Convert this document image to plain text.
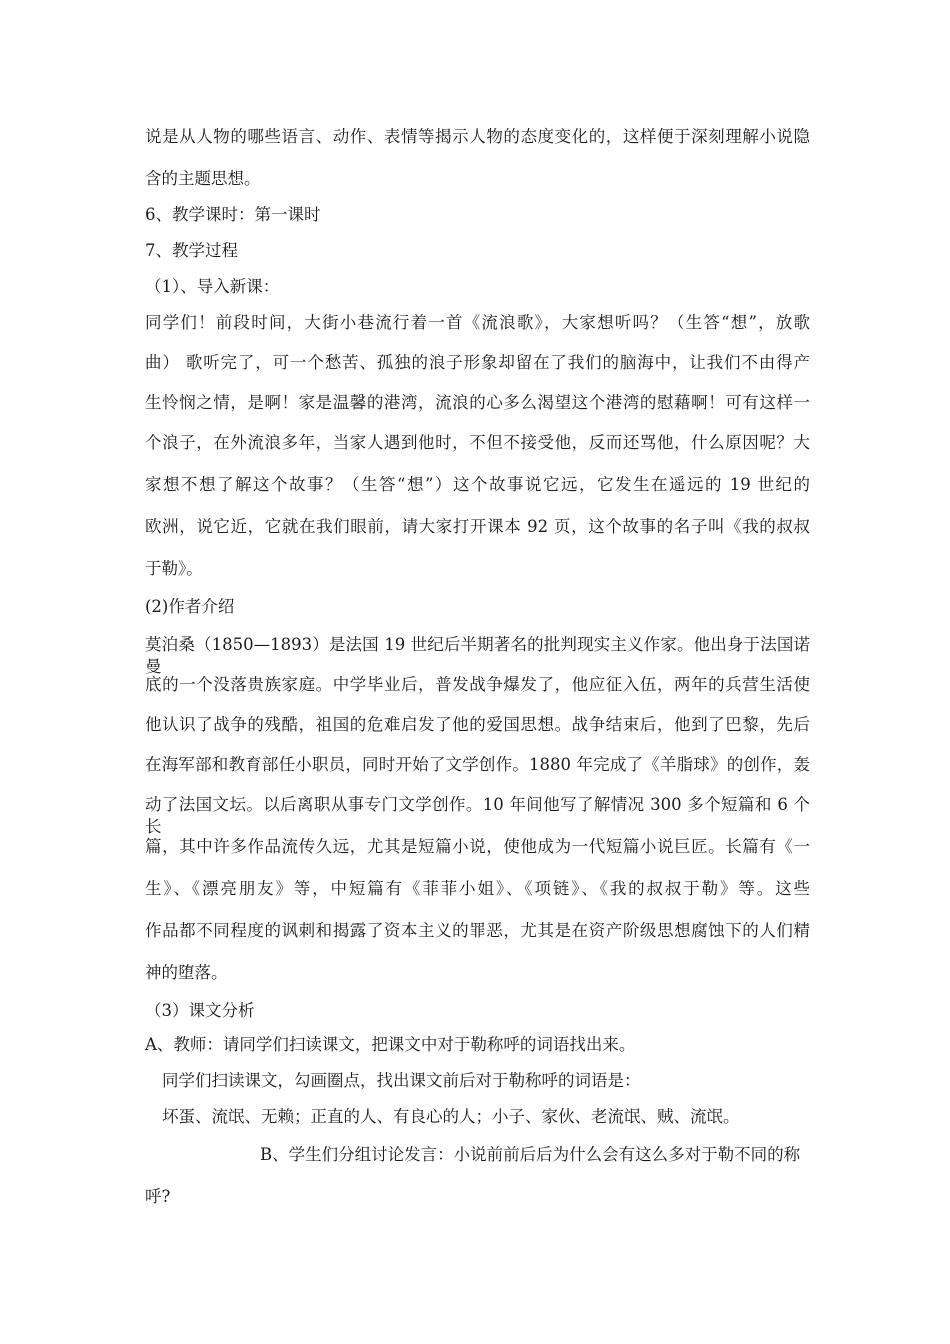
说是从人物的哪些语言、动作、表情等揭示人物的态度变化的，这样便于深刻理解小说隐
含的主题思想。
6、教学课时：第一课时
7、教学过程
（1）、导入新课：
同学们！前段时间，大街小巷流行着一首《流浪歌》，大家想听吗？（生答“想”，放歌
曲） 歌听完了，可一个愁苦、孤独的浪子形象却留在了我们的脑海中，让我们不由得产
生怜悯之情，是啊！家是温馨的港湾，流浪的心多么渴望这个港湾的慰藉啊！可有这样一
个浪子，在外流浪多年，当家人遇到他时，不但不接受他，反而还骂他，什么原因呢？大
家想不想了解这个故事？（生答“想”）这个故事说它远，它发生在遥远的 19 世纪的
欧洲，说它近，它就在我们眼前，请大家打开课本 92 页，这个故事的名子叫《我的叔叔
于勒》。
(2)作者介绍
莫泊桑（1850—1893）是法国 19 世纪后半期著名的批判现实主义作家。他出身于法国诺曼
底的一个没落贵族家庭。中学毕业后，普发战争爆发了，他应征入伍，两年的兵营生活使
他认识了战争的残酷，祖国的危难启发了他的爱国思想。战争结束后，他到了巴黎，先后
在海军部和教育部任小职员，同时开始了文学创作。1880 年完成了《羊脂球》的创作，轰
动了法国文坛。以后离职从事专门文学创作。10 年间他写了解情况 300 多个短篇和 6 个长
篇，其中许多作品流传久远，尤其是短篇小说，使他成为一代短篇小说巨匠。长篇有《一
生》、《漂亮朋友》等，中短篇有《菲菲小姐》、《项链》、《我的叔叔于勒》等。这些
作品都不同程度的讽刺和揭露了资本主义的罪恶，尤其是在资产阶级思想腐蚀下的人们精
神的堕落。
（3）课文分析
A、教师：请同学们扫读课文，把课文中对于勒称呼的词语找出来。
同学们扫读课文，勾画圈点，找出课文前后对于勒称呼的词语是：
坏蛋、流氓、无赖；正直的人、有良心的人；小子、家伙、老流氓、贼、流氓。
B、学生们分组讨论发言：小说前前后后为什么会有这么多对于勒不同的称
呼?
